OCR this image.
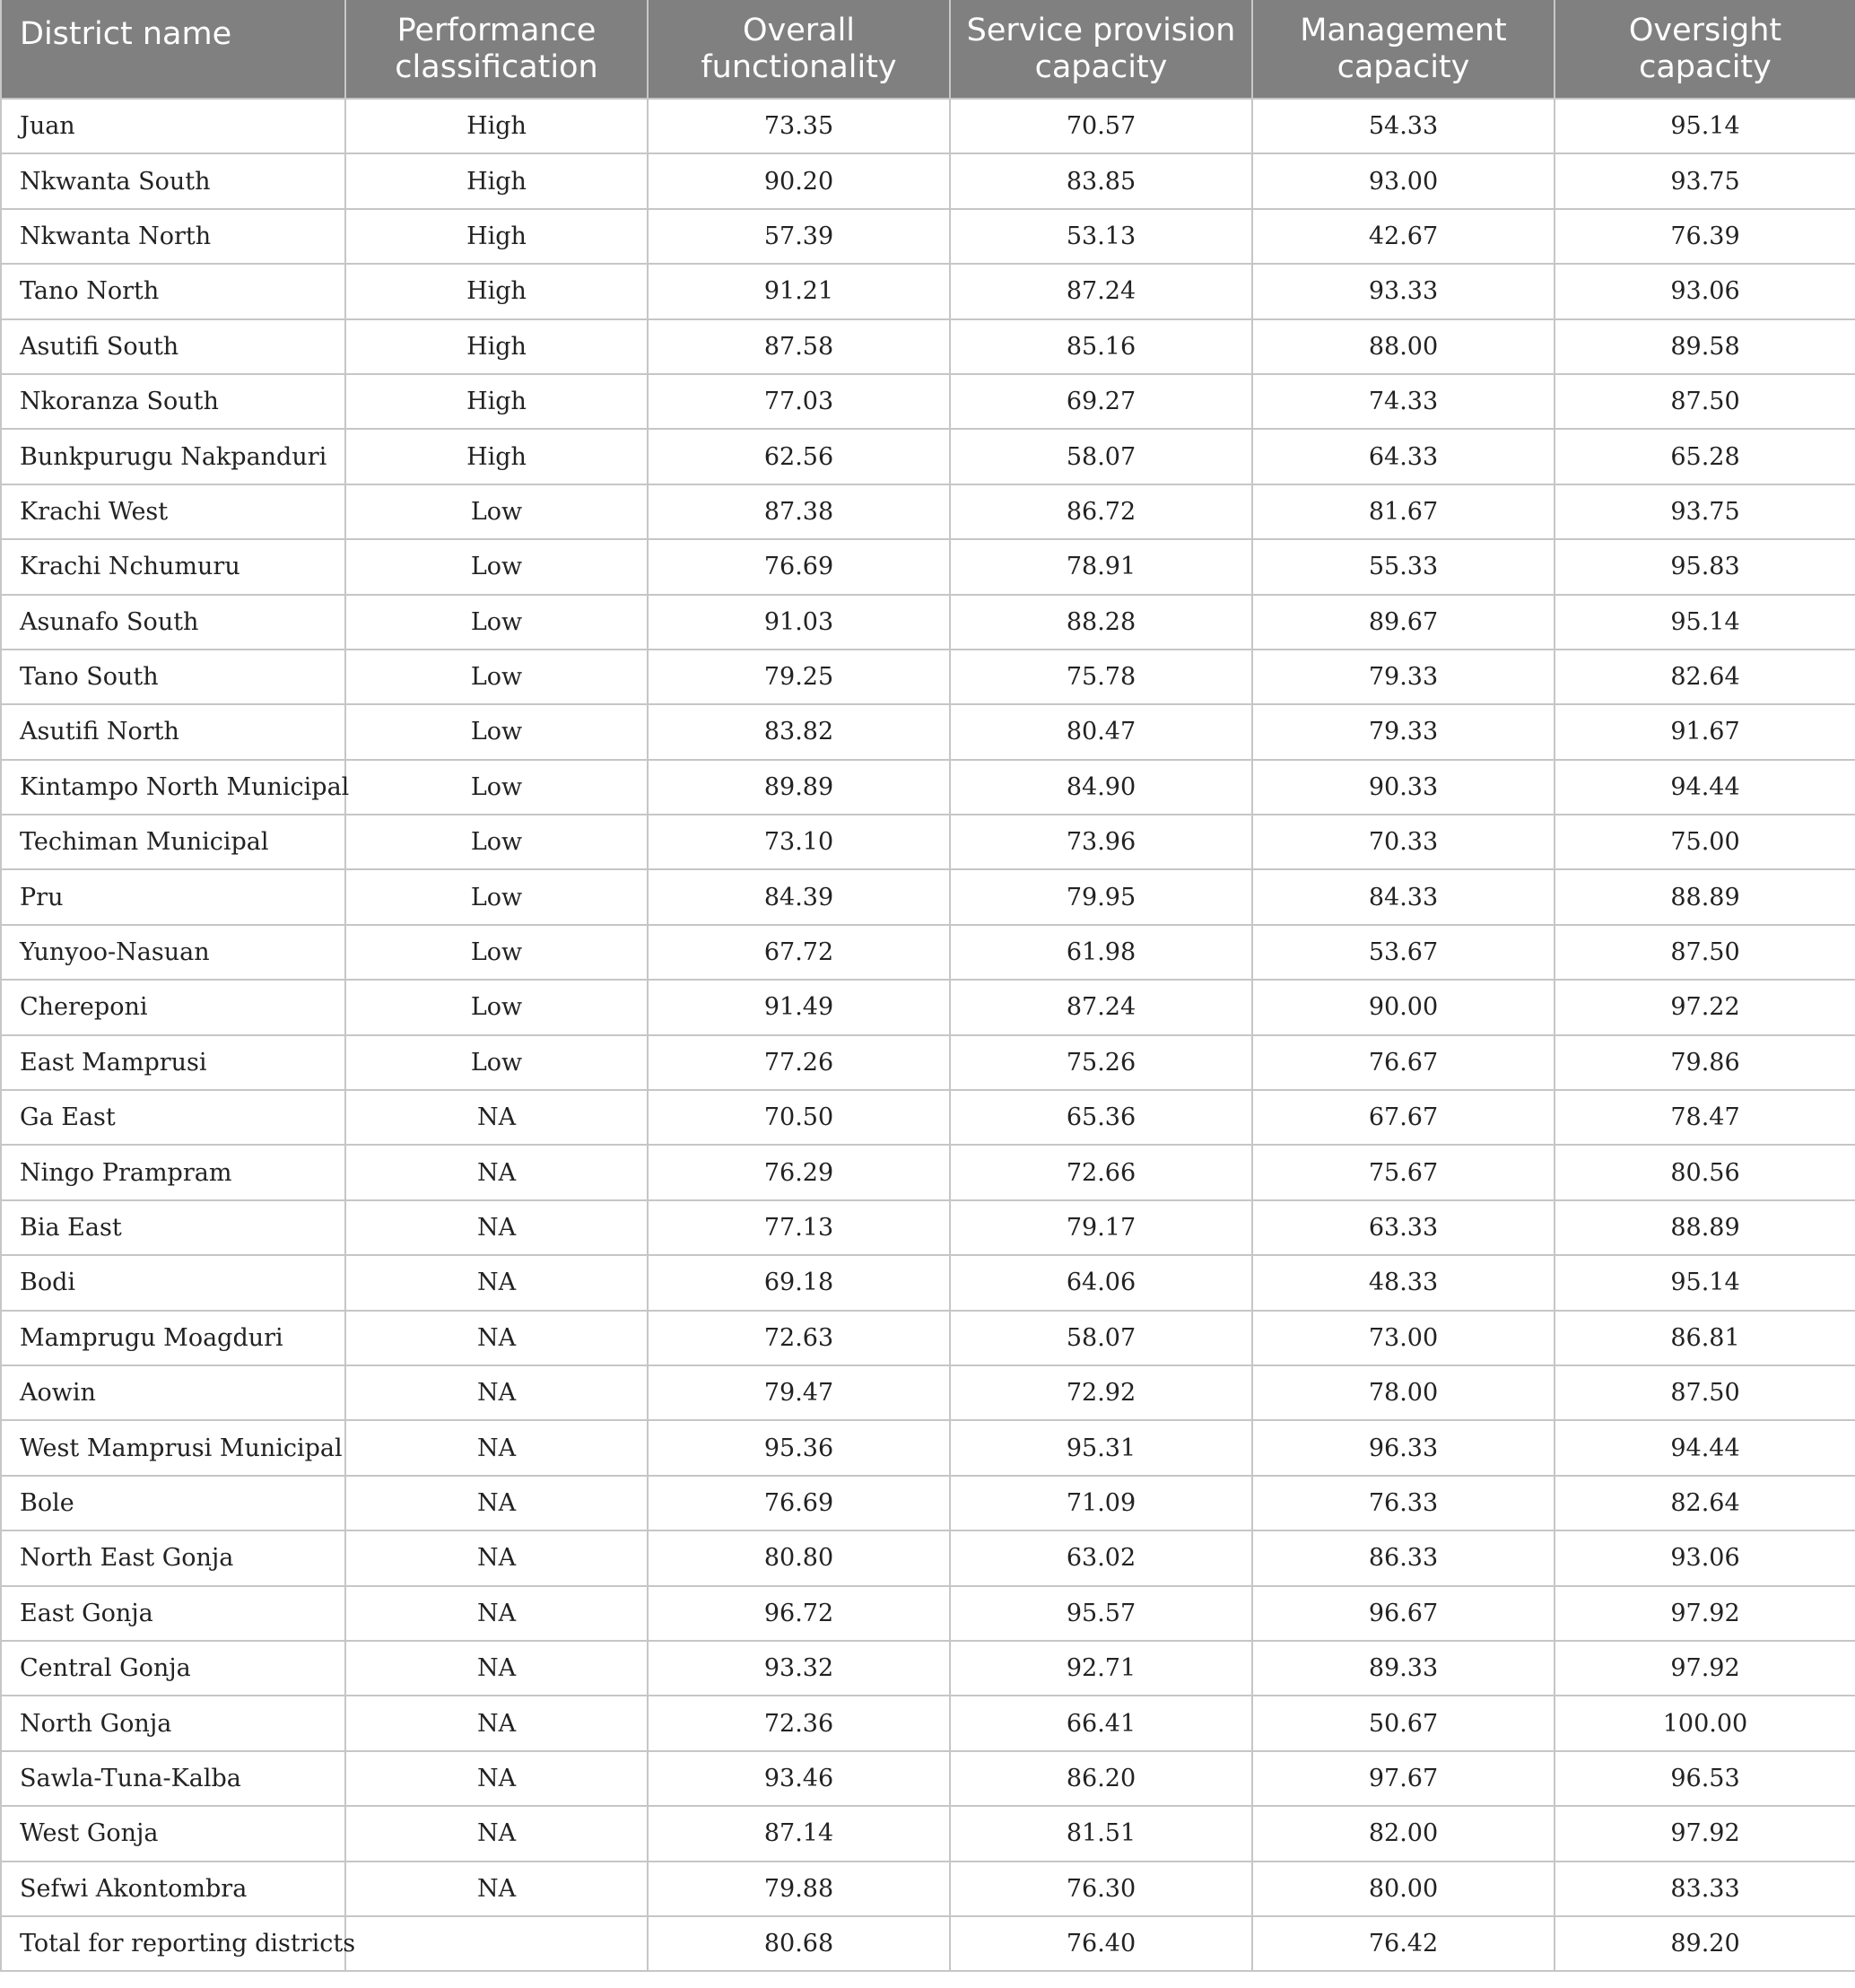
District name	Performance classification	Overall functionality	Service provision capacity	Management capacity	Oversight capacity
Juan	High	73.35	70.57	54.33	95.14
Nkwanta South	High	90.20	83.85	93.00	93.75
Nkwanta North	High	57.39	53.13	42.67	76.39
Tano North	High	91.21	87.24	93.33	93.06
Asutifi South	High	87.58	85.16	88.00	89.58
Nkoranza South	High	77.03	69.27	74.33	87.50
Bunkpurugu Nakpanduri	High	62.56	58.07	64.33	65.28
Krachi West	Low	87.38	86.72	81.67	93.75
Krachi Nchumuru	Low	76.69	78.91	55.33	95.83
Asunafo South	Low	91.03	88.28	89.67	95.14
Tano South	Low	79.25	75.78	79.33	82.64
Asutifi North	Low	83.82	80.47	79.33	91.67
Kintampo North Municipal	Low	89.89	84.90	90.33	94.44
Techiman Municipal	Low	73.10	73.96	70.33	75.00
Pru	Low	84.39	79.95	84.33	88.89
Yunyoo-Nasuan	Low	67.72	61.98	53.67	87.50
Chereponi	Low	91.49	87.24	90.00	97.22
East Mamprusi	Low	77.26	75.26	76.67	79.86
Ga East	NA	70.50	65.36	67.67	78.47
Ningo Prampram	NA	76.29	72.66	75.67	80.56
Bia East	NA	77.13	79.17	63.33	88.89
Bodi	NA	69.18	64.06	48.33	95.14
Mamprugu Moagduri	NA	72.63	58.07	73.00	86.81
Aowin	NA	79.47	72.92	78.00	87.50
West Mamprusi Municipal	NA	95.36	95.31	96.33	94.44
Bole	NA	76.69	71.09	76.33	82.64
North East Gonja	NA	80.80	63.02	86.33	93.06
East Gonja	NA	96.72	95.57	96.67	97.92
Central Gonja	NA	93.32	92.71	89.33	97.92
North Gonja	NA	72.36	66.41	50.67	100.00
Sawla-Tuna-Kalba	NA	93.46	86.20	97.67	96.53
West Gonja	NA	87.14	81.51	82.00	97.92
Sefwi Akontombra	NA	79.88	76.30	80.00	83.33
Total for reporting districts		80.68	76.40	76.42	89.20
